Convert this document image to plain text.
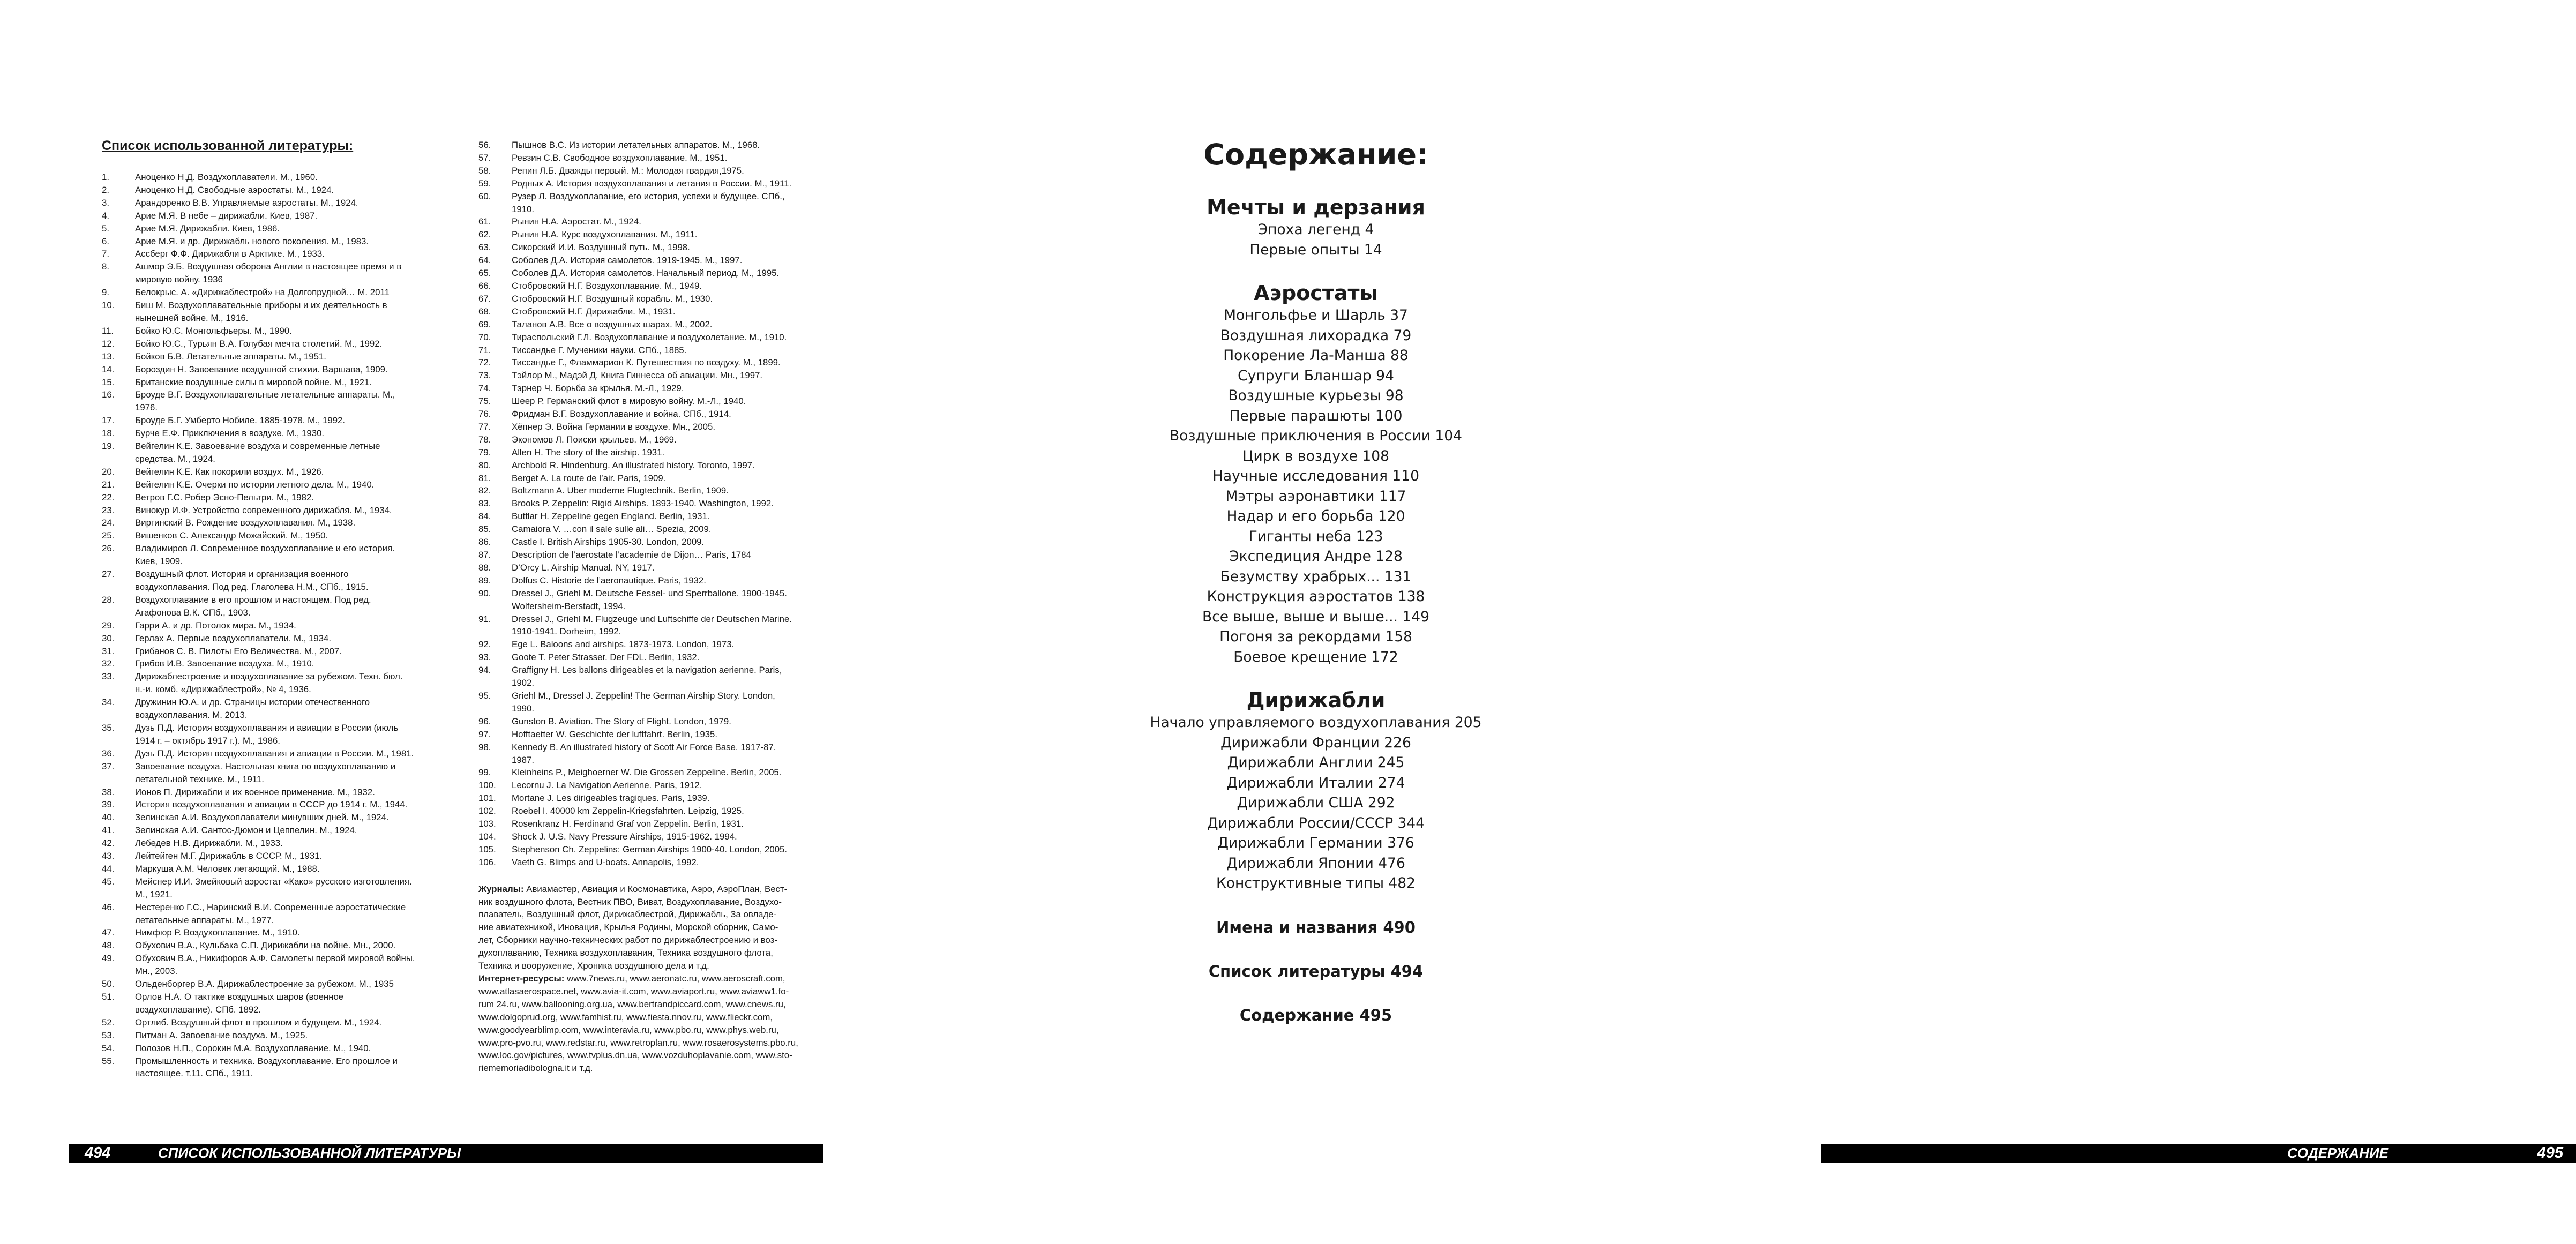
Список использованной литературы:
1.	Аноценко Н.Д. Воздухоплаватели. М., 1960.
2.	Аноценко Н.Д. Свободные аэростаты. М., 1924.
3.	Арандоренко В.В. Управляемые аэростаты. М., 1924.
4.	Арие М.Я. В небе – дирижабли. Киев, 1987.
5.	Арие М.Я. Дирижабли. Киев, 1986.
6.	Арие М.Я. и др. Дирижабль нового поколения. М., 1983.
7.	Ассберг Ф.Ф. Дирижабли в Арктике. М., 1933.
8.	Ашмор Э.Б. Воздушная оборона Англии в настоящее время и в
мировую войну. 1936
9.	Белокрыс. А. «Дирижаблестрой» на Долгопрудной… М. 2011
10.	Биш М. Воздухоплавательные приборы и их деятельность в
нынешней войне. М., 1916.
11.	Бойко Ю.С. Монгольфьеры. М., 1990.
12.	Бойко Ю.С., Турьян В.А. Голубая мечта столетий. М., 1992.
13.	Бойков Б.В. Летательные аппараты. М., 1951.
14.	Бороздин Н. Завоевание воздушной стихии. Варшава, 1909.
15.	Британские воздушные силы в мировой войне. М., 1921.
16.	Броуде В.Г. Воздухоплавательные летательные аппараты. М.,
1976.
17.	Броуде Б.Г. Умберто Нобиле. 1885-1978. М., 1992.
18.	Бурче Е.Ф. Приключения в воздухе. М., 1930.
19.	Вейгелин К.Е. Завоевание воздуха и современные летные
средства. М., 1924.
20.	Вейгелин К.Е. Как покорили воздух. М., 1926.
21.	Вейгелин К.Е. Очерки по истории летного дела. М., 1940.
22.	Ветров Г.С. Робер Эсно-Пельтри. М., 1982.
23.	Винокур И.Ф. Устройство современного дирижабля. М., 1934.
24.	Виргинский В. Рождение воздухоплавания. М., 1938.
25.	Вишенков С. Александр Можайский. М., 1950.
26.	Владимиров Л. Современное воздухоплавание и его история.
Киев, 1909.
27.	Воздушный флот. История и организация военного
воздухоплавания. Под ред. Глаголева Н.М., СПб., 1915.
28.	Воздухоплавание в его прошлом и настоящем. Под ред.
Агафонова В.К. СПб., 1903.
29.	Гарри А. и др. Потолок мира. М., 1934.
30.	Герлах А. Первые воздухоплаватели. М., 1934.
31.	Грибанов С. В. Пилоты Его Величества. М., 2007.
32.	Грибов И.В. Завоевание воздуха. М., 1910.
33.	Дирижаблестроение и воздухоплавание за рубежом. Техн. бюл.
н.-и. комб. «Дирижаблестрой», № 4, 1936.
34.	Дружинин Ю.А. и др. Страницы истории отечественного
воздухоплавания. М. 2013.
35.	Дузь П.Д. История воздухоплавания и авиации в России (июль
1914 г. – октябрь 1917 г.). М., 1986.
36.	Дузь П.Д. История воздухоплавания и авиации в России. М., 1981.
37.	Завоевание воздуха. Настольная книга по воздухоплаванию и
летательной технике. М., 1911.
38.	Ионов П. Дирижабли и их военное применение. М., 1932.
39.	История воздухоплавания и авиации в СССР до 1914 г. М., 1944.
40.	Зелинская А.И. Воздухоплаватели минувших дней. М., 1924.
41.	Зелинская А.И. Сантос-Дюмон и Цеппелин. М., 1924.
42.	Лебедев Н.В. Дирижабли. М., 1933.
43.	Лейтейген М.Г. Дирижабль в СССР. М., 1931.
44.	Маркуша А.М. Человек летающий. М., 1988.
45.	Мейснер И.И. Змейковый аэростат «Како» русского изготовления.
М., 1921.
46.	Нестеренко Г.С., Наринский В.И. Современные аэростатические
летательные аппараты. М., 1977.
47.	Нимфюр Р. Воздухоплавание. М., 1910.
48.	Обухович В.А., Кульбака С.П. Дирижабли на войне. Мн., 2000.
49.	Обухович В.А., Никифоров А.Ф. Самолеты первой мировой войны.
Мн., 2003.
50.	Ольденборгер В.А. Дирижаблестроение за рубежом. М., 1935
51.	Орлов Н.А. О тактике воздушных шаров (военное
воздухоплавание). СПб. 1892.
52.	Ортлиб. Воздушный флот в прошлом и будущем. М., 1924.
53.	Питман А. Завоевание воздуха. М., 1925.
54.	Полозов Н.П., Сорокин М.А. Воздухоплавание. М., 1940.
55.	Промышленность и техника. Воздухоплавание. Его прошлое и
настоящее. т.11. СПб., 1911.
56.	Пышнов В.С. Из истории летательных аппаратов. М., 1968.
57.	Ревзин С.В. Свободное воздухоплавание. М., 1951.
58.	Репин Л.Б. Дважды первый. М.: Молодая гвардия,1975.
59.	Родных А. История воздухоплавания и летания в России. М., 1911.
60.	Рузер Л. Воздухоплавание, его история, успехи и будущее. СПб.,
1910.
61.	Рынин Н.А. Аэростат. М., 1924.
62.	Рынин Н.А. Курс воздухоплавания. М., 1911.
63.	Сикорский И.И. Воздушный путь. М., 1998.
64.	Соболев Д.А. История самолетов. 1919-1945. М., 1997.
65.	Соболев Д.А. История самолетов. Начальный период. М., 1995.
66.	Стобровский Н.Г. Воздухоплавание. М., 1949.
67.	Стобровский Н.Г. Воздушный корабль. М., 1930.
68.	Стобровский Н.Г. Дирижабли. М., 1931.
69.	Таланов А.В. Все о воздушных шарах. М., 2002.
70.	Тирaспольский Г.Л. Воздухоплавание и воздухолетание. М., 1910.
71.	Тиссандье Г. Мученики науки. СПб., 1885.
72.	Тиссандье Г., Фламмарион К. Путешествия по воздуху. М., 1899.
73.	Тэйлор М., Мадэй Д. Книга Гиннесса об авиации. Мн., 1997.
74.	Тэрнер Ч. Борьба за крылья. М.-Л., 1929.
75.	Шеер Р. Германский флот в мировую войну. М.-Л., 1940.
76.	Фридман В.Г. Воздухоплавание и война. СПб., 1914.
77.	Хёпнер Э. Война Германии в воздухе. Мн., 2005.
78.	Экономов Л. Поиски крыльев. М., 1969.
79.	Allen H. The story of the airship. 1931.
80.	Archbold R. Hindenburg. An illustrated history. Toronto, 1997.
81.	Berget A. La route de l’air. Paris, 1909.
82.	Boltzmann A. Uber moderne Flugtechnik. Berlin, 1909.
83.	Brooks P. Zeppelin: Rigid Airships. 1893-1940. Washington, 1992.
84.	Buttlar H. Zeppeline gegen England. Berlin, 1931.
85.	Camaiora V. …con il sale sulle ali… Spezia, 2009.
86.	Castle I. British Airships 1905-30. London, 2009.
87.	Description de l’aerostate l’academie de Dijon… Paris, 1784
88.	D’Orcy L. Airship Manual. NY, 1917.
89.	Dolfus C. Historie de l’aeronautique. Paris, 1932.
90.	Dressel J., Griehl M. Deutsche Fessel- und Sperrballone. 1900-1945.
Wolfersheim-Berstadt, 1994.
91.	Dressel J., Griehl M. Flugzeuge und Luftschiffe der Deutschen Marine.
1910-1941. Dorheim, 1992.
92.	Ege L. Baloons and airships. 1873-1973. London, 1973.
93.	Goote T. Peter Strasser. Der FDL. Berlin, 1932.
94.	Graffigny H. Les ballons dirigeables et la navigation aerienne. Paris,
1902.
95.	Griehl M., Dressel J. Zeppelin! The German Airship Story. London,
1990.
96.	Gunston B. Aviation. The Story of Flight. London, 1979.
97.	Hofftaetter W. Geschichte der luftfahrt. Berlin, 1935.
98.	Kennedy B. An illustrated history of Scott Air Force Base. 1917-87.
1987.
99.	Kleinheins P., Meighoerner W. Die Grossen Zeppeline. Berlin, 2005.
100.	Lecornu J. La Navigation Aerienne. Paris, 1912.
101.	Mortane J. Les dirigeables tragiques. Paris, 1939.
102.	Roebel I. 40000 km Zeppelin-Kriegsfahrten. Leipzig, 1925.
103.	Rosenkranz H. Ferdinand Graf von Zeppelin. Berlin, 1931.
104.	Shock J. U.S. Navy Pressure Airships, 1915-1962. 1994.
105.	Stephenson Ch. Zeppelins: German Airships 1900-40. London, 2005.
106.	Vaeth G. Blimps and U-boats. Annapolis, 1992.
Журналы: Авиамастер, Авиация и Космонавтика, Аэро, АэроПлан, Вест-
ник воздушного флота, Вестник ПВО, Виват, Воздухоплавание, Воздухо-
плаватель, Воздушный флот, Дирижаблестрой, Дирижабль, За овладе-
ние авиатехникой, Иновация, Крылья Родины, Морской сборник, Само-
лет, Сборники научно-технических работ по дирижаблестроению и воз-
духоплаванию, Техника воздухоплавания, Техника воздушного флота,
Техника и вооружение, Хроника воздушного дела и т.д.
Интернет-ресурсы: www.7news.ru, www.aeronatc.ru, www.aeroscraft.com,
www.atlasaerospace.net, www.avia-it.com, www.aviaport.ru, www.aviaww1.fo-
rum 24.ru, www.ballooning.org.ua, www.bertrandpiccard.com, www.cnews.ru,
www.dolgoprud.org, www.famhist.ru, www.fiesta.nnov.ru, www.flieckr.com,
www.goodyearblimp.com, www.interavia.ru, www.pbo.ru, www.phys.web.ru,
www.pro-pvo.ru, www.redstar.ru, www.retroplan.ru, www.rosaerosystems.pbo.ru,
www.loc.gov/pictures, www.tvplus.dn.ua, www.vozduhoplavanie.com, www.sto-
riememoriadibologna.it и т.д.
494	СПИСОК ИСПОЛЬЗОВАННОЙ ЛИТЕРАТУРЫ
Содержание:
Мечты и дерзания
Эпоха легенд 4
Первые опыты 14
Аэростаты
Монгольфье и Шарль 37
Воздушная лихорадка 79
Покорение Ла-Манша 88
Супруги Бланшар 94
Воздушные курьезы 98
Первые парашюты 100
Воздушные приключения в России 104
Цирк в воздухе 108
Научные исследования 110
Мэтры аэронавтики 117
Надар и его борьба 120
Гиганты неба 123
Экспедиция Андре 128
Безумству храбрых... 131
Конструкция аэростатов 138
Все выше, выше и выше... 149
Погоня за рекордами 158
Боевое крещение 172
Дирижабли
Начало управляемого воздухоплавания 205
Дирижабли Франции 226
Дирижабли Англии 245
Дирижабли Италии 274
Дирижабли США 292
Дирижабли России/СССР 344
Дирижабли Германии 376
Дирижабли Японии 476
Конструктивные типы 482
Имена и названия 490
Список литературы 494
Содержание 495
СОДЕРЖАНИЕ	495
